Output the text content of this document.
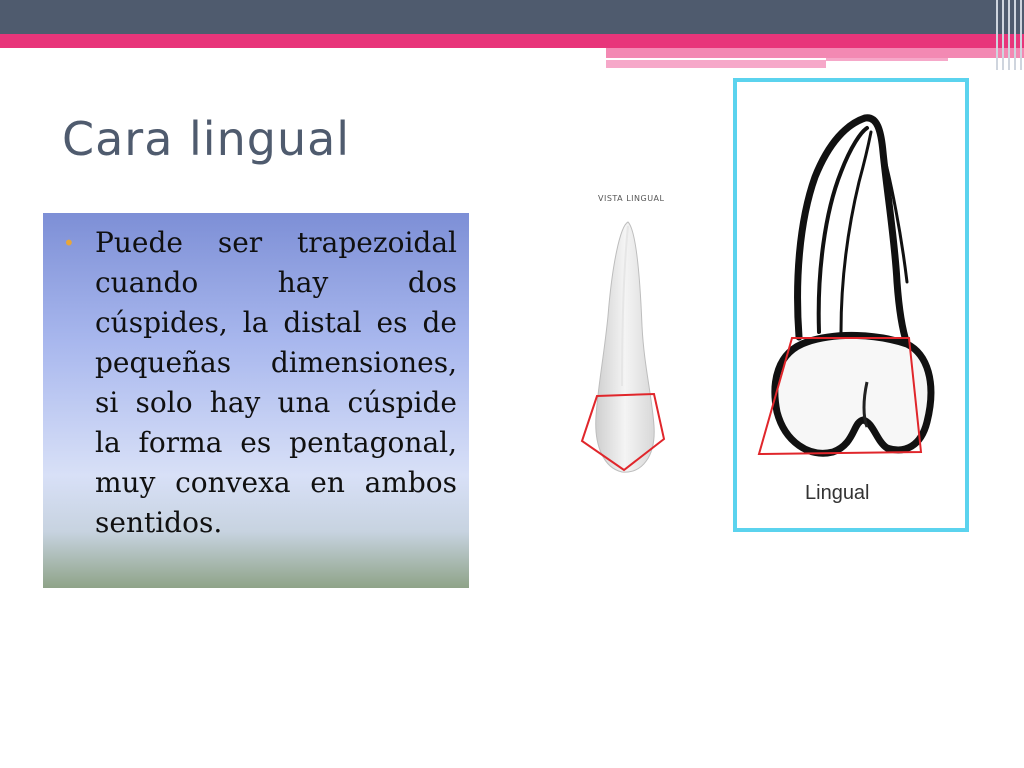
Cara lingual
• Puede ser trapezoidal cuando hay dos cúspides, la distal es de pequeñas dimensiones, si solo hay una cúspide la forma es pentagonal, muy convexa en ambos sentidos.

VISTA LINGUAL
Lingual
